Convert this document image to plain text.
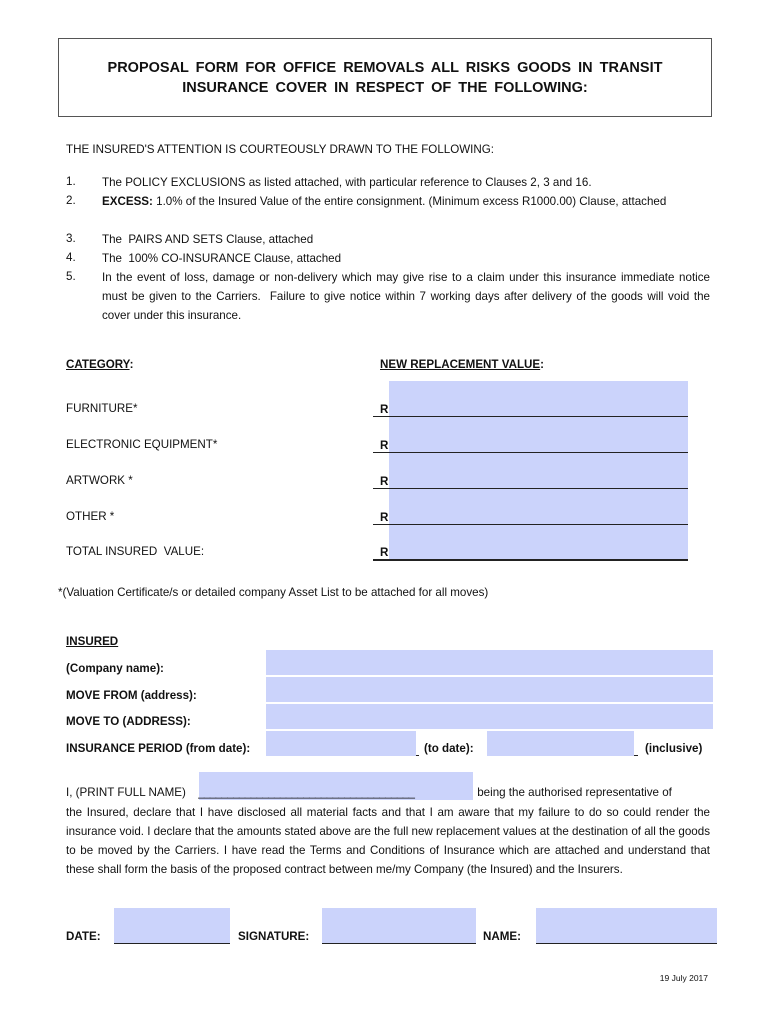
PROPOSAL FORM FOR OFFICE REMOVALS ALL RISKS GOODS IN TRANSIT
INSURANCE COVER IN RESPECT OF THE FOLLOWING:
THE INSURED'S ATTENTION IS COURTEOUSLY DRAWN TO THE FOLLOWING:
1. The POLICY EXCLUSIONS as listed attached, with particular reference to Clauses 2, 3 and 16.
2. EXCESS: 1.0% of the Insured Value of the entire consignment. (Minimum excess R1000.00) Clause, attached
3. The  PAIRS AND SETS Clause, attached
4. The  100% CO-INSURANCE Clause, attached
5. In the event of loss, damage or non-delivery which may give rise to a claim under this insurance immediate notice must be given to the Carriers.  Failure to give notice within 7 working days after delivery of the goods will void the cover under this insurance.
CATEGORY:	NEW REPLACEMENT VALUE:
FURNITURE*	R
ELECTRONIC EQUIPMENT*	R
ARTWORK *	R
OTHER *	R
TOTAL INSURED  VALUE:	R
*(Valuation Certificate/s or detailed company Asset List to be attached for all moves)
INSURED
(Company name):
MOVE FROM (address):
MOVE TO (ADDRESS):
INSURANCE PERIOD (from date):	(to date):	(inclusive)
I, (PRINT FULL NAME) _____________________________________	being the authorised representative of
the Insured, declare that I have disclosed all material facts and that I am aware that my failure to do so could render the insurance void. I declare that the amounts stated above are the full new replacement values at the destination of all the goods to be moved by the Carriers. I have read the Terms and Conditions of Insurance which are attached and understand that these shall form the basis of the proposed contract between me/my Company (the Insured) and the Insurers.
DATE:	SIGNATURE:	NAME:
19 July 2017
